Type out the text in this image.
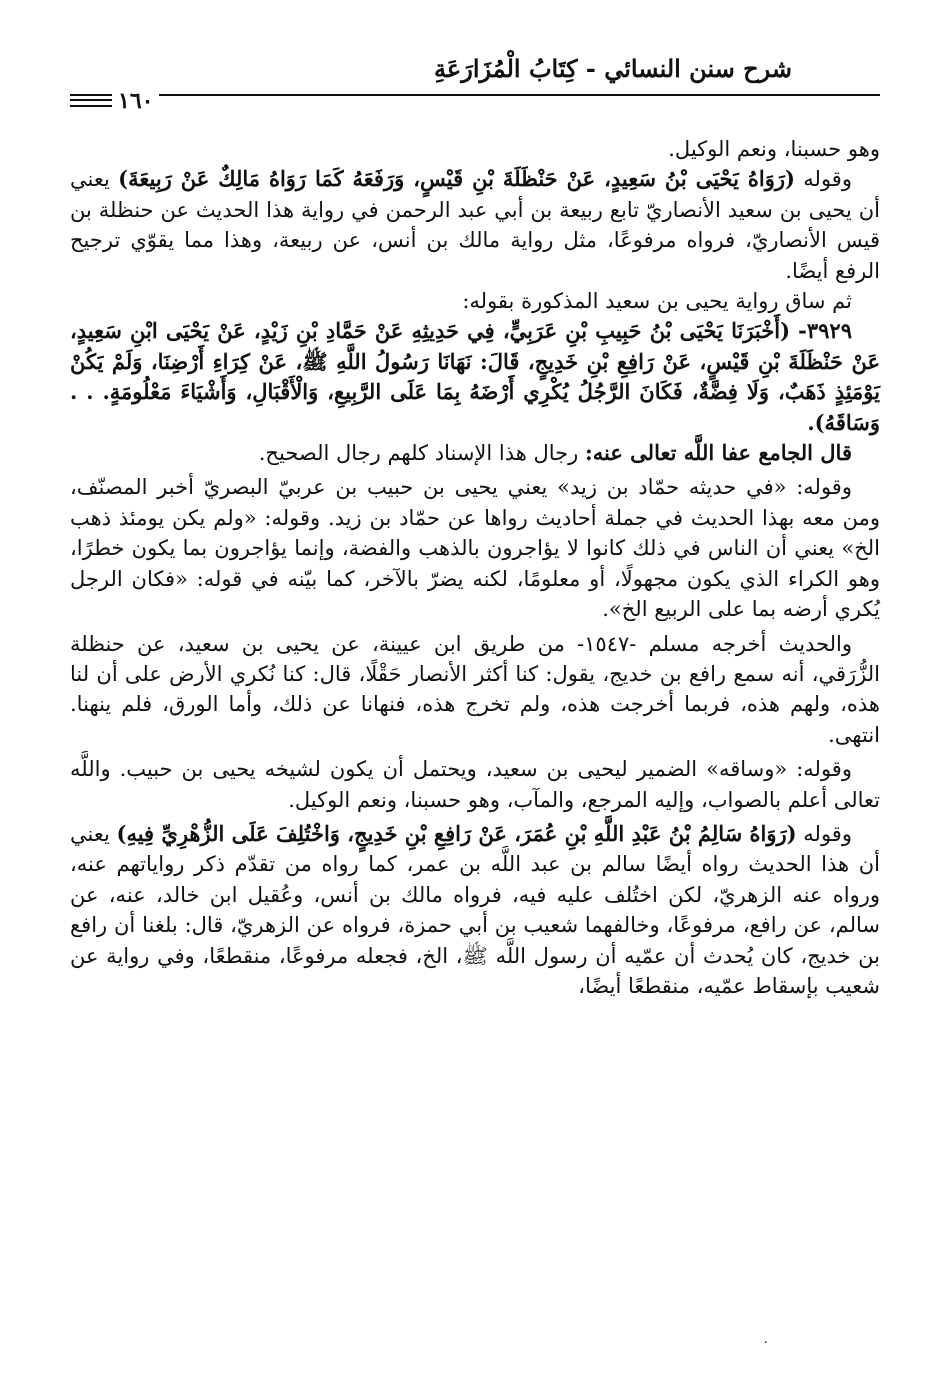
شرح سنن النسائي - كِتَابُ الْمُزَارَعَةِ
١٦٠

وهو حسبنا، ونعم الوكيل.

وقوله (رَوَاهُ يَحْيَى بْنُ سَعِيدٍ، عَنْ حَنْظَلَةَ بْنِ قَيْسٍ، وَرَفَعَهُ كَمَا رَوَاهُ مَالِكٌ عَنْ رَبِيعَةَ) يعني أن يحيى بن سعيد الأنصاريّ تابع ربيعة بن أبي عبد الرحمن في رواية هذا الحديث عن حنظلة بن قيس الأنصاريّ، فرواه مرفوعًا، مثل رواية مالك بن أنس، عن ربيعة، وهذا مما يقوّي ترجيح الرفع أيضًا.

ثم ساق رواية يحيى بن سعيد المذكورة بقوله:

٣٩٢٩- (أَخْبَرَنَا يَحْيَى بْنُ حَبِيبِ بْنِ عَرَبِيٍّ، فِي حَدِيثِهِ عَنْ حَمَّادِ بْنِ زَيْدٍ، عَنْ يَحْيَى ابْنِ سَعِيدٍ، عَنْ حَنْظَلَةَ بْنِ قَيْسٍ، عَنْ رَافِعِ بْنِ خَدِيجٍ، قَالَ: نَهَانَا رَسُولُ اللَّهِ ﷺ، عَنْ كِرَاءِ أَرْضِنَا، وَلَمْ يَكُنْ يَوْمَئِذٍ ذَهَبٌ، وَلَا فِضَّةٌ، فَكَانَ الرَّجُلُ يُكْرِي أَرْضَهُ بِمَا عَلَى الرَّبِيعِ، وَالْأَقْبَالِ، وَأَشْيَاءَ مَعْلُومَةٍ. . . وَسَاقَهُ).

قال الجامع عفا اللَّه تعالى عنه: رجال هذا الإسناد كلهم رجال الصحيح.

وقوله: «في حديثه حمّاد بن زيد» يعني يحيى بن حبيب بن عربيّ البصريّ أخبر المصنّف، ومن معه بهذا الحديث في جملة أحاديث رواها عن حمّاد بن زيد. وقوله: «ولم يكن يومئذ ذهب الخ» يعني أن الناس في ذلك كانوا لا يؤاجرون بالذهب والفضة، وإنما يؤاجرون بما يكون خطرًا، وهو الكراء الذي يكون مجهولًا، أو معلومًا، لكنه يضرّ بالآخر، كما بيّنه في قوله: «فكان الرجل يُكري أرضه بما على الربيع الخ».

والحديث أخرجه مسلم -١٥٤٧- من طريق ابن عيينة، عن يحيى بن سعيد، عن حنظلة الزُّرَقي، أنه سمع رافع بن خديج، يقول: كنا أكثر الأنصار حَقْلًا، قال: كنا نُكري الأرض على أن لنا هذه، ولهم هذه، فربما أخرجت هذه، ولم تخرج هذه، فنهانا عن ذلك، وأما الورق، فلم ينهنا. انتهى.

وقوله: «وساقه» الضمير ليحيى بن سعيد، ويحتمل أن يكون لشيخه يحيى بن حبيب. واللَّه تعالى أعلم بالصواب، وإليه المرجع، والمآب، وهو حسبنا، ونعم الوكيل.

وقوله (رَوَاهُ سَالِمُ بْنُ عَبْدِ اللَّهِ بْنِ عُمَرَ، عَنْ رَافِعِ بْنِ خَدِيجٍ، وَاخْتُلِفَ عَلَى الزُّهْرِيِّ فِيهِ) يعني أن هذا الحديث رواه أيضًا سالم بن عبد اللَّه بن عمر، كما رواه من تقدّم ذكر رواياتهم عنه، ورواه عنه الزهريّ، لكن اختُلف عليه فيه، فرواه مالك بن أنس، وعُقيل ابن خالد، عنه، عن سالم، عن رافع، مرفوعًا، وخالفهما شعيب بن أبي حمزة، فرواه عن الزهريّ، قال: بلغنا أن رافع بن خديج، كان يُحدث أن عمّيه أن رسول اللَّه ﷺ، الخ، فجعله مرفوعًا، منقطعًا، وفي رواية عن شعيب بإسقاط عمّيه، منقطعًا أيضًا،

٠
